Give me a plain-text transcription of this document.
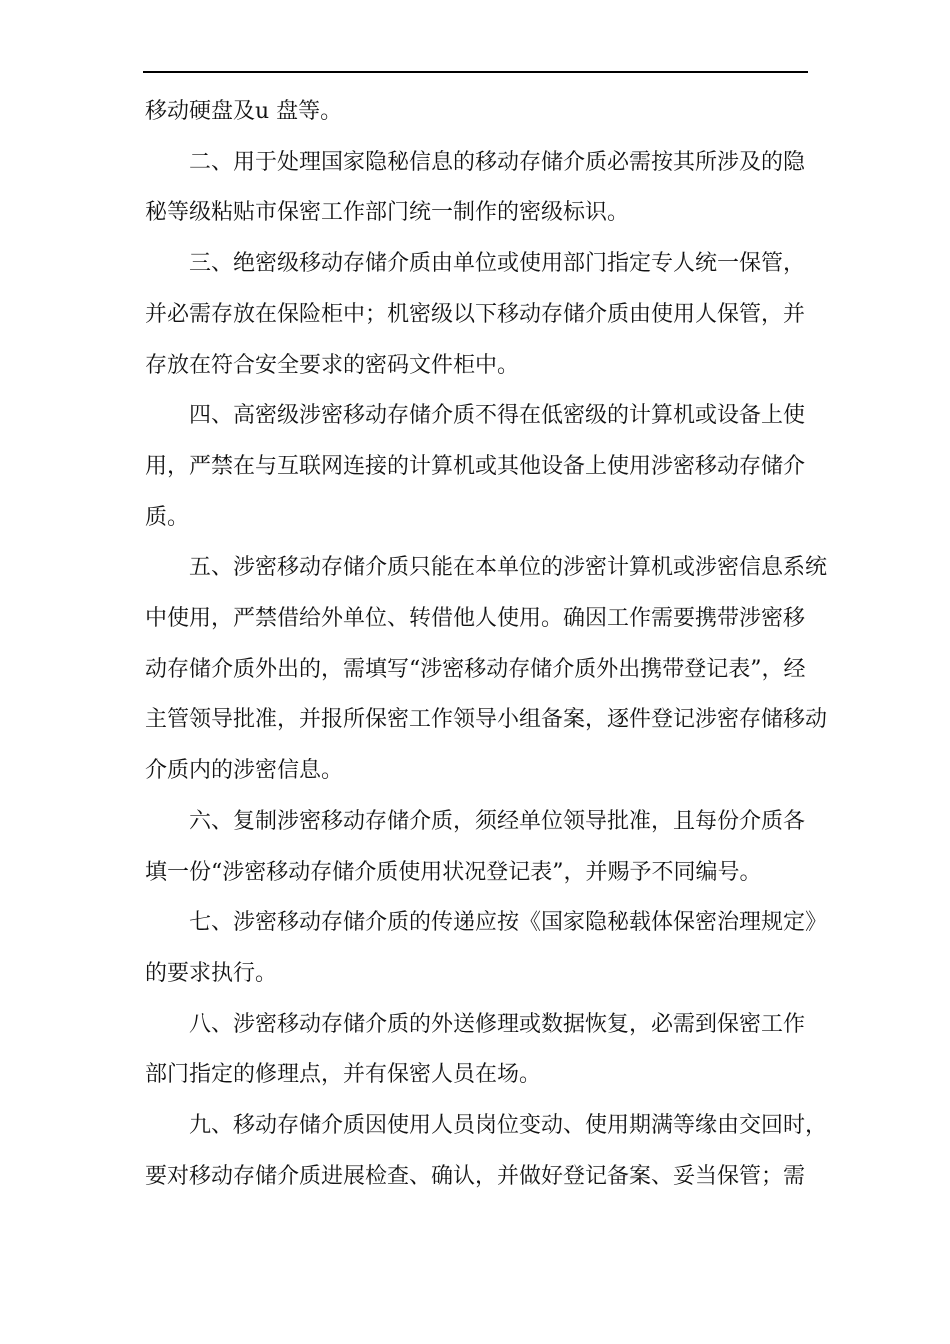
移动硬盘及u 盘等。

二、用于处理国家隐秘信息的移动存储介质必需按其所涉及的隐
秘等级粘贴市保密工作部门统一制作的密级标识。

三、绝密级移动存储介质由单位或使用部门指定专人统一保管，
并必需存放在保险柜中；机密级以下移动存储介质由使用人保管，并
存放在符合安全要求的密码文件柜中。

四、高密级涉密移动存储介质不得在低密级的计算机或设备上使
用，严禁在与互联网连接的计算机或其他设备上使用涉密移动存储介
质。

五、涉密移动存储介质只能在本单位的涉密计算机或涉密信息系统
中使用，严禁借给外单位、转借他人使用。确因工作需要携带涉密移
动存储介质外出的，需填写“涉密移动存储介质外出携带登记表”，经
主管领导批准，并报所保密工作领导小组备案，逐件登记涉密存储移动
介质内的涉密信息。

六、复制涉密移动存储介质，须经单位领导批准，且每份介质各
填一份“涉密移动存储介质使用状况登记表”，并赐予不同编号。

七、涉密移动存储介质的传递应按《国家隐秘载体保密治理规定》
的要求执行。

八、涉密移动存储介质的外送修理或数据恢复，必需到保密工作
部门指定的修理点，并有保密人员在场。

九、移动存储介质因使用人员岗位变动、使用期满等缘由交回时，
要对移动存储介质进展检查、确认，并做好登记备案、妥当保管；需
